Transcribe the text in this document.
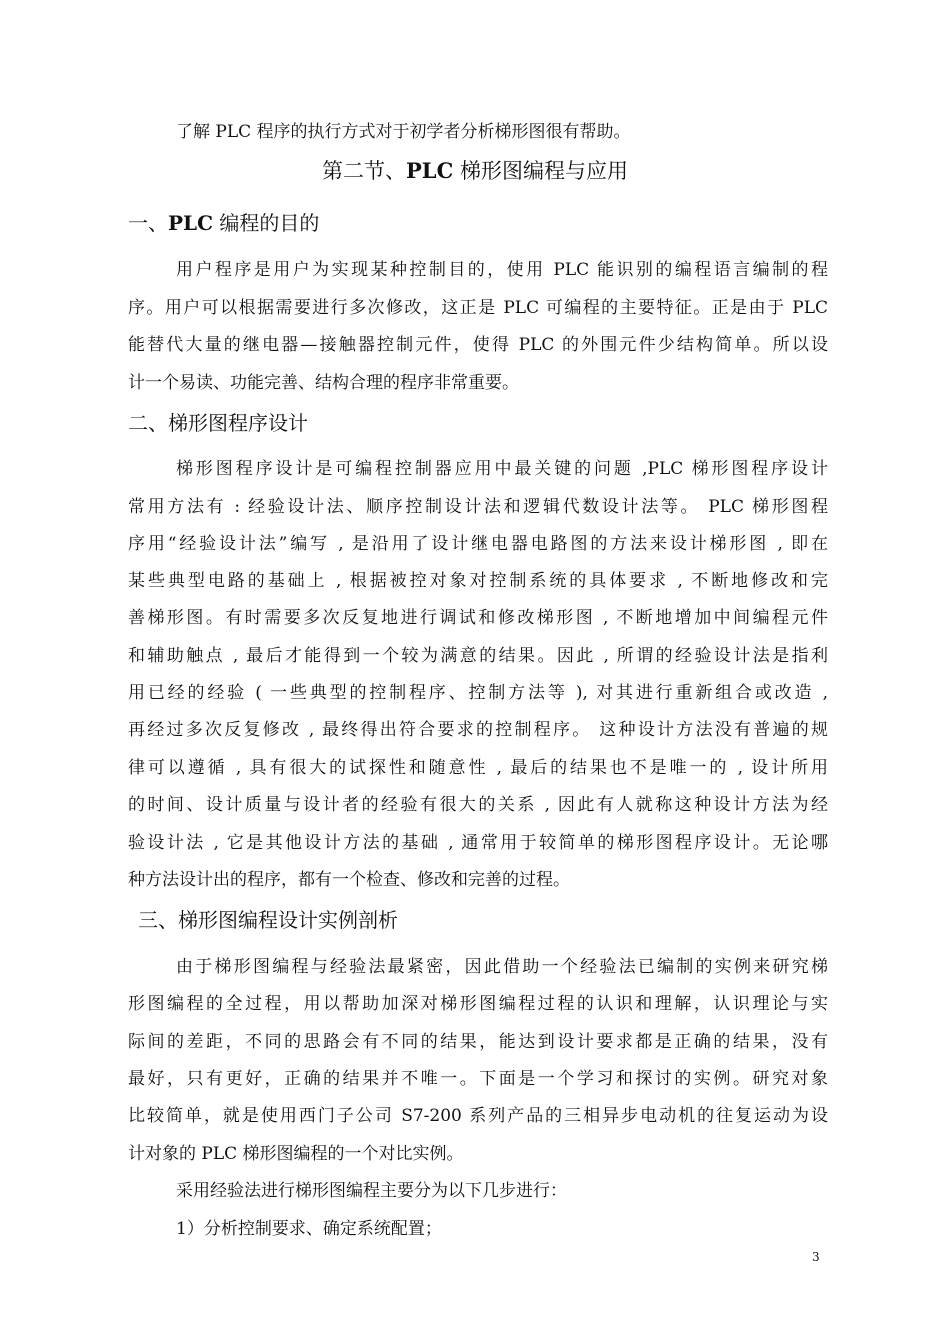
了解 PLC 程序的执行方式对于初学者分析梯形图很有帮助。
第二节、PLC 梯形图编程与应用
一、PLC 编程的目的
用户程序是用户为实现某种控制目的，使用 PLC 能识别的编程语言编制的程
序。用户可以根据需要进行多次修改，这正是 PLC 可编程的主要特征。正是由于 PLC
能替代大量的继电器—接触器控制元件，使得 PLC 的外围元件少结构简单。所以设
计一个易读、功能完善、结构合理的程序非常重要。
二、梯形图程序设计
梯形图程序设计是可编程控制器应用中最关键的问题 ,PLC 梯形图程序设计
常用方法有 : 经验设计法、顺序控制设计法和逻辑代数设计法等。 PLC 梯形图程
序用“经验设计法”编写 , 是沿用了设计继电器电路图的方法来设计梯形图 , 即在
某些典型电路的基础上 , 根据被控对象对控制系统的具体要求 , 不断地修改和完
善梯形图。有时需要多次反复地进行调试和修改梯形图 , 不断地增加中间编程元件
和辅助触点 , 最后才能得到一个较为满意的结果。因此 , 所谓的经验设计法是指利
用已经的经验 ( 一些典型的控制程序、控制方法等 ), 对其进行重新组合或改造 ,
再经过多次反复修改 , 最终得出符合要求的控制程序。 这种设计方法没有普遍的规
律可以遵循 , 具有很大的试探性和随意性 , 最后的结果也不是唯一的 , 设计所用
的时间、设计质量与设计者的经验有很大的关系 , 因此有人就称这种设计方法为经
验设计法 , 它是其他设计方法的基础 , 通常用于较简单的梯形图程序设计。无论哪
种方法设计出的程序，都有一个检查、修改和完善的过程。
三、梯形图编程设计实例剖析
由于梯形图编程与经验法最紧密，因此借助一个经验法已编制的实例来研究梯
形图编程的全过程，用以帮助加深对梯形图编程过程的认识和理解，认识理论与实
际间的差距，不同的思路会有不同的结果，能达到设计要求都是正确的结果，没有
最好，只有更好，正确的结果并不唯一。下面是一个学习和探讨的实例。研究对象
比较简单，就是使用西门子公司 S7-200 系列产品的三相异步电动机的往复运动为设
计对象的 PLC 梯形图编程的一个对比实例。
采用经验法进行梯形图编程主要分为以下几步进行：
1）分析控制要求、确定系统配置；
3
